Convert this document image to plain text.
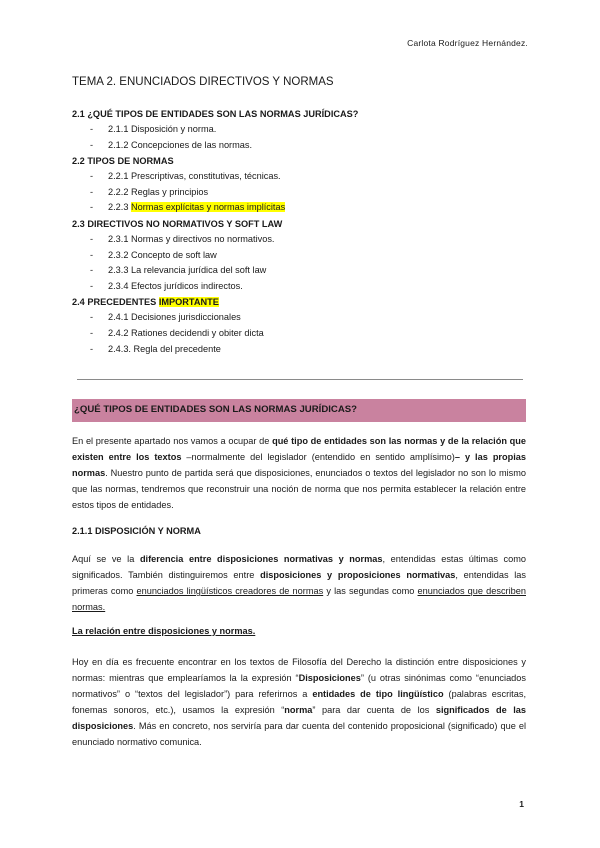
Carlota Rodríguez Hernández.
TEMA 2. ENUNCIADOS DIRECTIVOS Y NORMAS
2.1 ¿QUÉ TIPOS DE ENTIDADES SON LAS NORMAS JURÍDICAS?
- 2.1.1 Disposición y norma.
- 2.1.2 Concepciones de las normas.
2.2 TIPOS DE NORMAS
- 2.2.1 Prescriptivas, constitutivas, técnicas.
- 2.2.2 Reglas y principios
- 2.2.3 Normas explícitas y normas implícitas
2.3 DIRECTIVOS NO NORMATIVOS Y SOFT LAW
- 2.3.1 Normas y directivos no normativos.
- 2.3.2 Concepto de soft law
- 2.3.3 La relevancia jurídica del soft law
- 2.3.4 Efectos jurídicos indirectos.
2.4 PRECEDENTES IMPORTANTE
- 2.4.1 Decisiones jurisdiccionales
- 2.4.2 Rationes decidendi y obiter dicta
- 2.4.3. Regla del precedente
¿QUÉ TIPOS DE ENTIDADES SON LAS NORMAS JURÍDICAS?
En el presente apartado nos vamos a ocupar de qué tipo de entidades son las normas y de la relación que existen entre los textos –normalmente del legislador (entendido en sentido amplísimo)– y las propias normas. Nuestro punto de partida será que disposiciones, enunciados o textos del legislador no son lo mismo que las normas, tendremos que reconstruir una noción de norma que nos permita establecer la relación entre estos tipos de entidades.
2.1.1 DISPOSICIÓN Y NORMA
Aquí se ve la diferencia entre disposiciones normativas y normas, entendidas estas últimas como significados. También distinguiremos entre disposiciones y proposiciones normativas, entendidas las primeras como enunciados lingüísticos creadores de normas y las segundas como enunciados que describen normas.
La relación entre disposiciones y normas.
Hoy en día es frecuente encontrar en los textos de Filosofía del Derecho la distinción entre disposiciones y normas: mientras que emplearíamos la la expresión “Disposiciones” (u otras sinónimas como “enunciados normativos” o “textos del legislador”) para referirnos a entidades de tipo lingüístico (palabras escritas, fonemas sonoros, etc.), usamos la expresión “norma” para dar cuenta de los significados de las disposiciones. Más en concreto, nos serviría para dar cuenta del contenido proposicional (significado) que el enunciado normativo comunica.
1
